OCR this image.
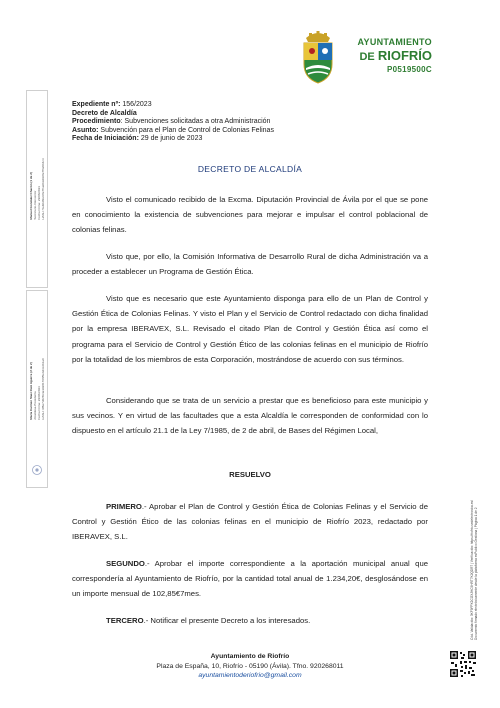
AYUNTAMIENTO
DE RIOFRÍO
P0519500C
Manuel González Chacón (1 de 2) Secretario-Interventor Fecha Firma: 29/06/2023 HASH: 5ab0d6b2c8e7f1a0b3d9c8e7f6a5b4c3
María Carmen Sáez Ruiz Aguirre (2 de 2) Alcaldesa-Presidenta Fecha Firma: 29/06/2023 HASH: 9f8e7d6c5b4a39281706f5e4d3c2b1a0
Cód. Validación: 3KF9FPX2CGXJHC9HRT7KJQDR7 | Verificación: https://riofrio.sedelectronica.es/ Documento firmado electrónicamente desde la plataforma esPublico Gestiona | Página 1 de 2
Expediente nº: 156/2023
Decreto de Alcaldía
Procedimiento: Subvenciones solicitadas a otra Administración
Asunto: Subvención para el Plan de Control de Colonias Felinas
Fecha de Iniciación: 29 de junio de 2023
DECRETO DE ALCALDÍA

Visto el comunicado recibido de la Excma. Diputación Provincial de Ávila por el que se pone en conocimiento la existencia de subvenciones para mejorar e impulsar el control poblacional de colonias felinas.

Visto que, por ello, la Comisión Informativa de Desarrollo Rural de dicha Administración va a proceder a establecer un Programa de Gestión Ética.

Visto que es necesario que este Ayuntamiento disponga para ello de un Plan de Control y Gestión Ética de Colonias Felinas. Y visto el Plan y el Servicio de Control redactado con dicha finalidad por la empresa IBERAVEX, S.L. Revisado el citado Plan de Control y Gestión Ética así como el programa para el Servicio de Control y Gestión Ético de las colonias felinas en el municipio de Riofrío por la totalidad de los miembros de esta Corporación, mostrándose de acuerdo con sus términos.

Considerando que se trata de un servicio a prestar que es beneficioso para este municipio y sus vecinos. Y en virtud de las facultades que a esta Alcaldía le corresponden de conformidad con lo dispuesto en el artículo 21.1 de la Ley 7/1985, de 2 de abril, de Bases del Régimen Local,

RESUELVO

PRIMERO.- Aprobar el Plan de Control y Gestión Ética de Colonias Felinas y el Servicio de Control y Gestión Ético de las colonias felinas en el municipio de Riofrío 2023, redactado por IBERAVEX, S.L.

SEGUNDO.- Aprobar el importe correspondiente a la aportación municipal anual que correspondería al Ayuntamiento de Riofrío, por la cantidad total anual de 1.234,20€, desglosándose en un importe mensual de 102,85€7mes.

TERCERO.- Notificar el presente Decreto a los interesados.

Ayuntamiento de Riofrío
Plaza de España, 10, Riofrío - 05190 (Ávila). Tfno. 920268011
ayuntamientoderiofrio@gmail.com
